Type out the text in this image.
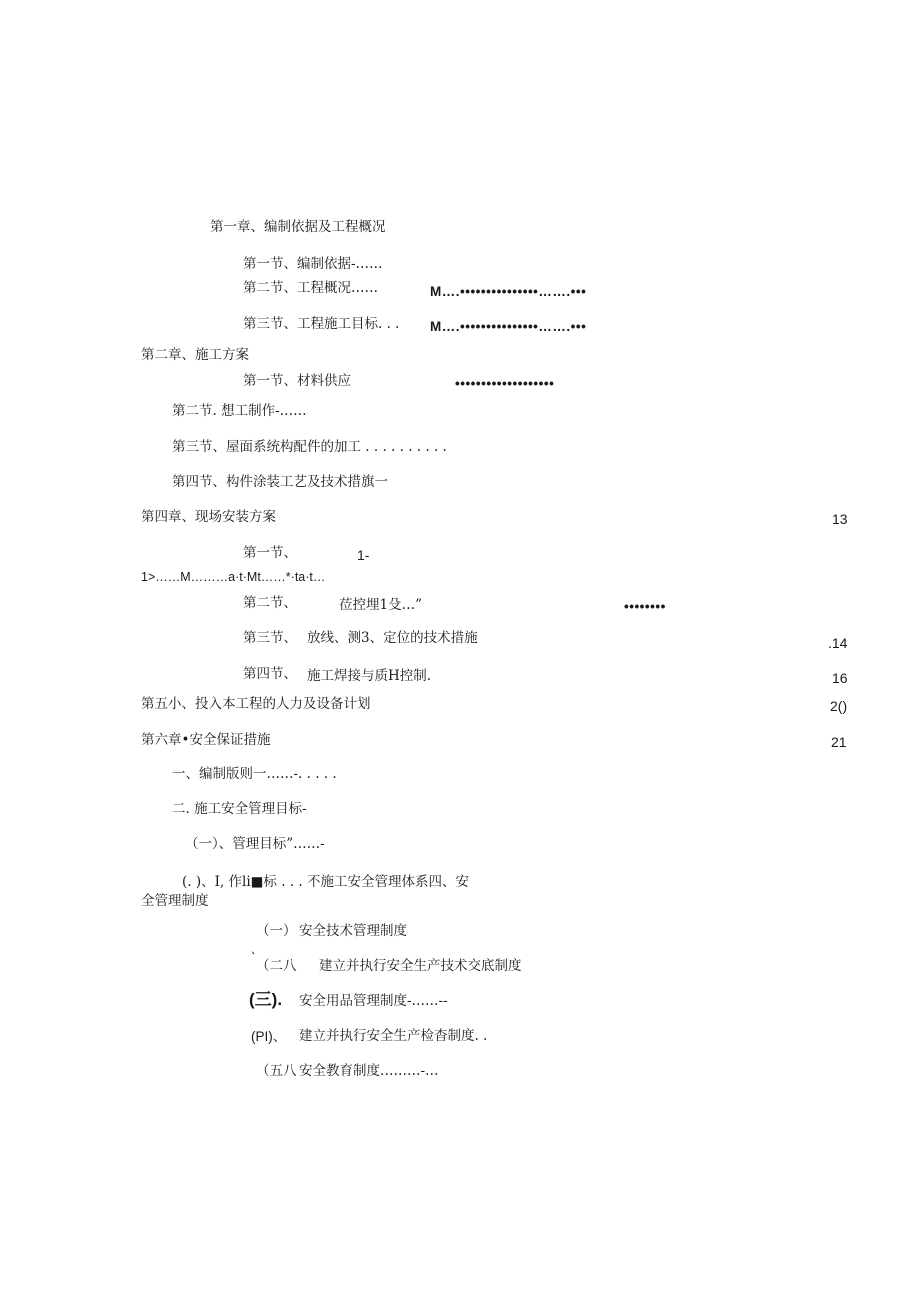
第一章、编制依据及工程概况
第一节、编制依据-……
第二节、工程概况……	M….•••••••••••••••…….•••
第三节、工程施工目标. . . M….•••••••••••••••…….•••
第二章、施工方案
第一节、材料供应	•••••••••••••••••••
第二节. 想工制作-……
第三节、屋面系统构配件的加工 . . . . . . . . . .
第四节、构件涂装工艺及技术措旗一
第四章、现场安装方案	13
第一节、	1-
1>……M………a·t·Mt……*·ta·t…
第二节、	莅控埋1殳…”	••••••••
第三节、 放线、测3、定位的技术措施	.14
第四节、 施工焊接与质H控制.	16
第五小、投入本工程的人力及设备计划	2()
第六章•安全保证措施	21
一、编制版则一……-. . . . .
二. 施工安全管理目标-
（一）、管理目标”……-
(. )、I, 作li■标 . . . 不施工安全管理体系四、安
全管理制度
（一） 安全技术管理制度
、
（二八 建立并执行安全生产技术交底制度
(三). 安全用品管理制度-……--
(PI)、 建立并执行安全生产检杳制度. .
（五八 安全教育制度………-…
